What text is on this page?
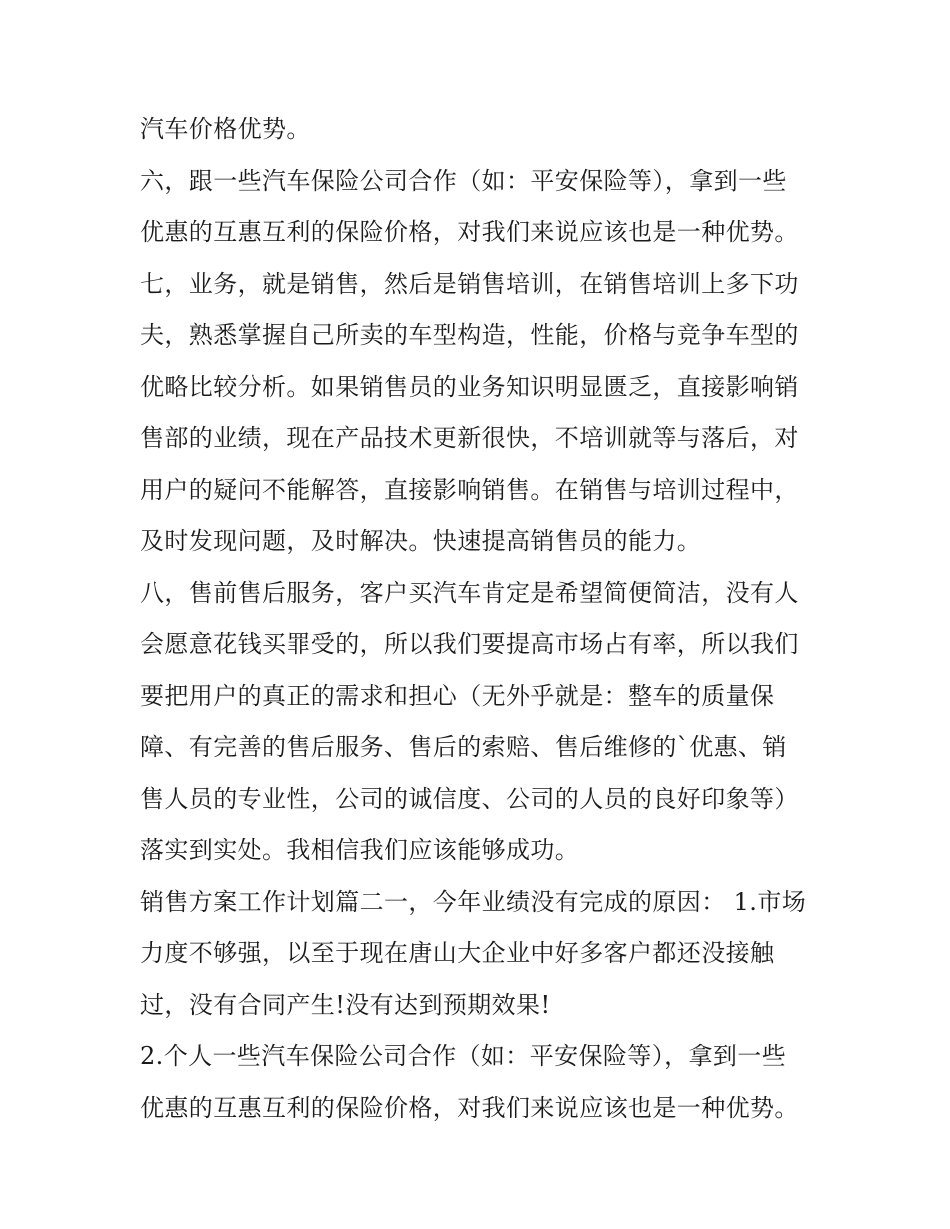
汽车价格优势。

六，跟一些汽车保险公司合作（如：平安保险等），拿到一些

优惠的互惠互利的保险价格，对我们来说应该也是一种优势。

七，业务，就是销售，然后是销售培训，在销售培训上多下功

夫，熟悉掌握自己所卖的车型构造，性能，价格与竞争车型的

优略比较分析。如果销售员的业务知识明显匮乏，直接影响销

售部的业绩，现在产品技术更新很快，不培训就等与落后，对

用户的疑问不能解答，直接影响销售。在销售与培训过程中，

及时发现问题，及时解决。快速提高销售员的能力。

八，售前售后服务，客户买汽车肯定是希望简便简洁，没有人

会愿意花钱买罪受的，所以我们要提高市场占有率，所以我们

要把用户的真正的需求和担心（无外乎就是：整车的质量保

障、有完善的售后服务、售后的索赔、售后维修的`优惠、销

售人员的专业性，公司的诚信度、公司的人员的良好印象等）

落实到实处。我相信我们应该能够成功。

销售方案工作计划篇二一，今年业绩没有完成的原因： 1.市场

力度不够强，以至于现在唐山大企业中好多客户都还没接触

过，没有合同产生!没有达到预期效果!

2.个人一些汽车保险公司合作（如：平安保险等），拿到一些

优惠的互惠互利的保险价格，对我们来说应该也是一种优势。
